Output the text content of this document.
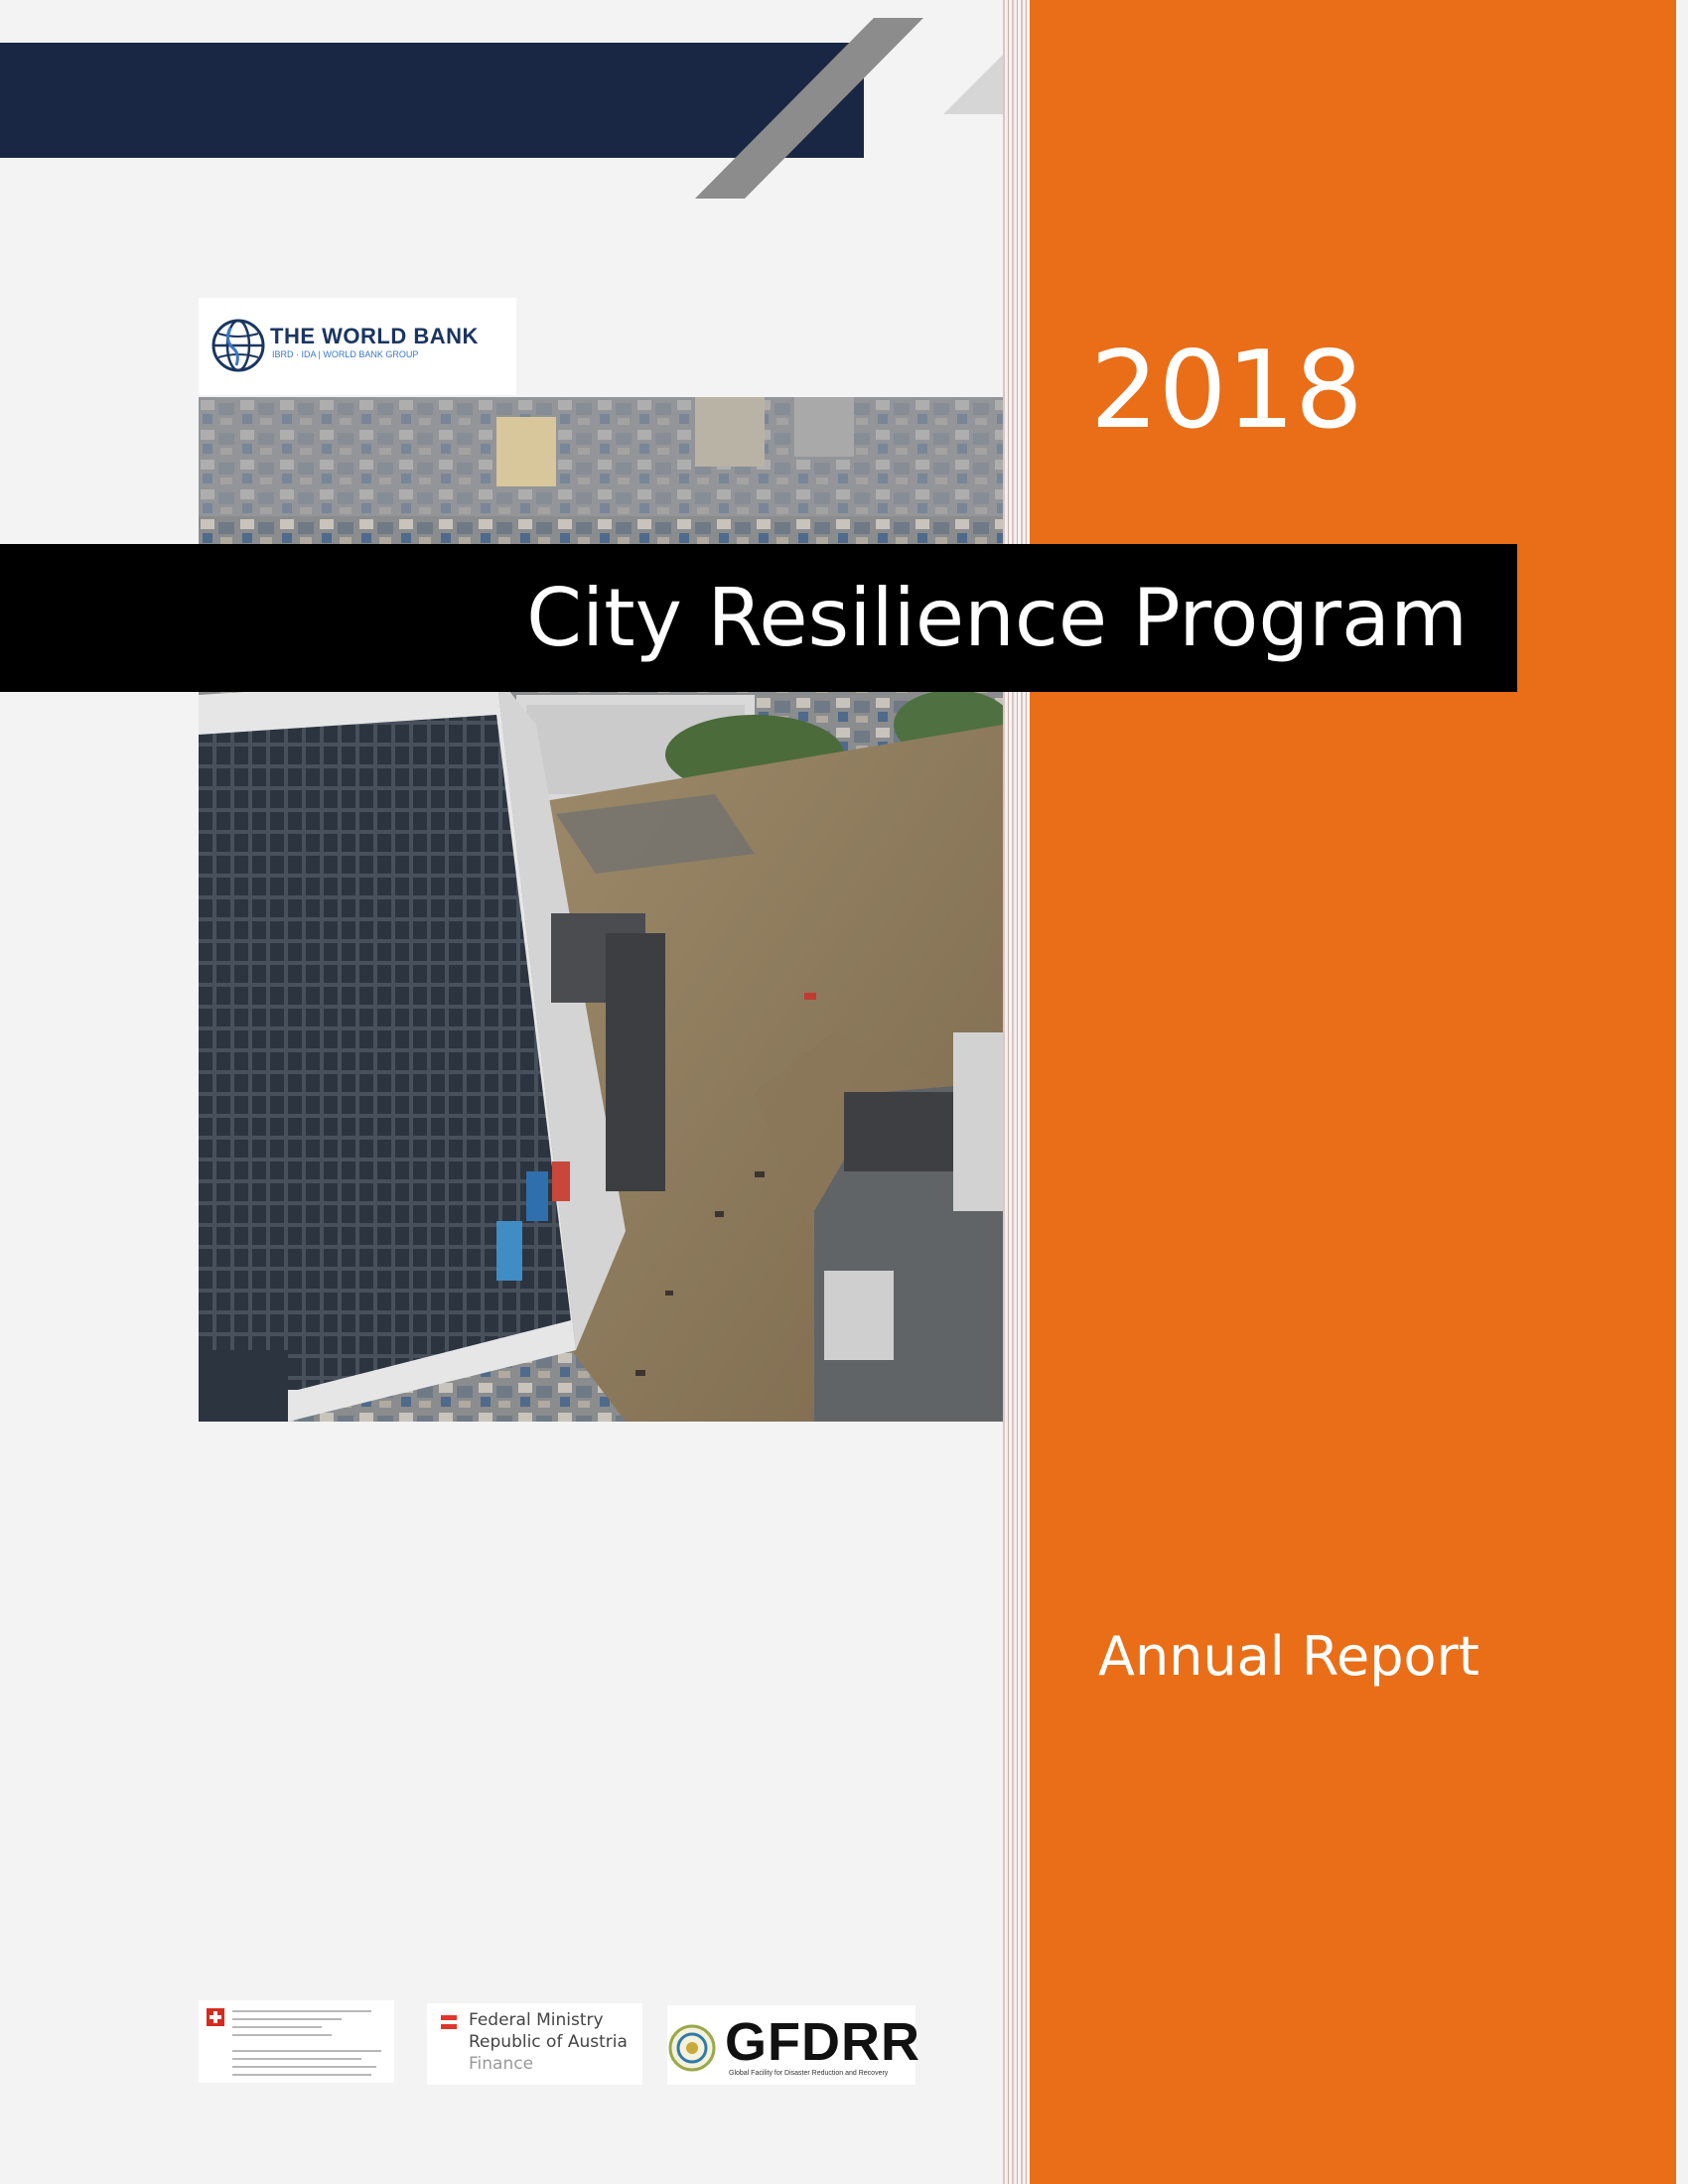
THE WORLD BANK
IBRD · IDA | WORLD BANK GROUP
City Resilience Program
2018
Annual Report
Federal Ministry
Republic of Austria
Finance	GFDRR
Global Facility for Disaster Reduction and Recovery
